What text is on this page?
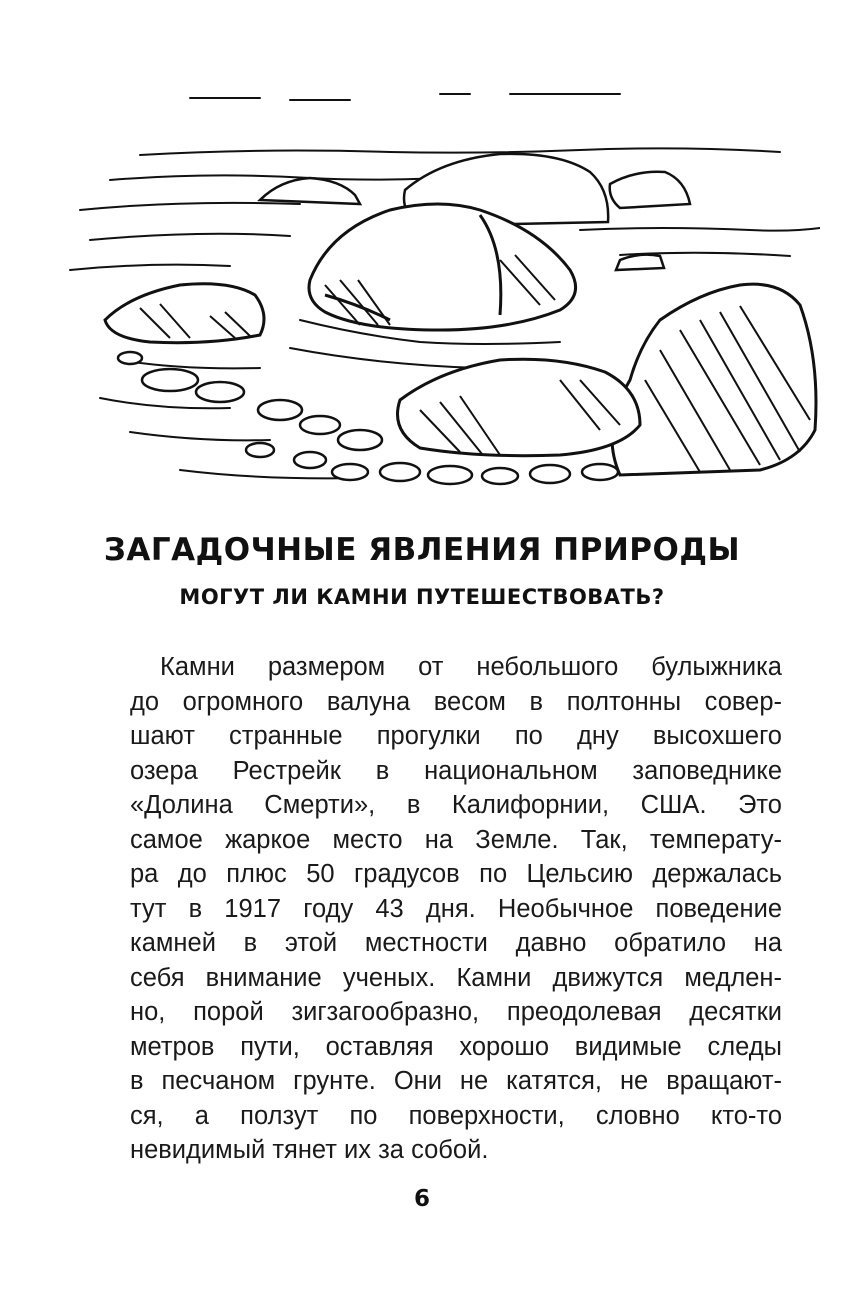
ЗАГАДОЧНЫЕ ЯВЛЕНИЯ ПРИРОДЫ
МОГУТ ЛИ КАМНИ ПУТЕШЕСТВОВАТЬ?
Камни размером от небольшого булыжника
до огромного валуна весом в полтонны совер-
шают странные прогулки по дну высохшего
озера Рестрейк в национальном заповеднике
«Долина Смерти», в Калифорнии, США. Это
самое жаркое место на Земле. Так, температу-
ра до плюс 50 градусов по Цельсию держалась
тут в 1917 году 43 дня. Необычное поведение
камней в этой местности давно обратило на
себя внимание ученых. Камни движутся медлен-
но, порой зигзагообразно, преодолевая десятки
метров пути, оставляя хорошо видимые следы
в песчаном грунте. Они не катятся, не вращают-
ся, а ползут по поверхности, словно кто-то
невидимый тянет их за собой.
6
